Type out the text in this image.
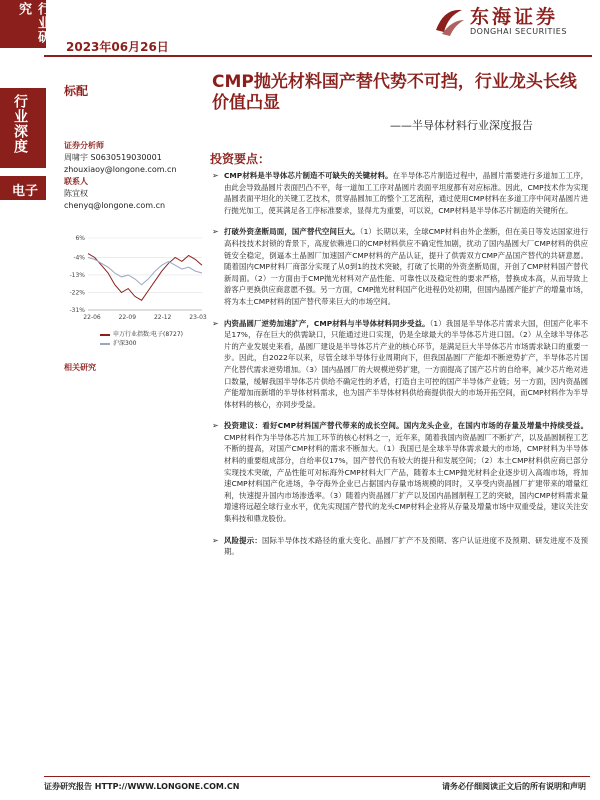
行业研究
2023年06月26日
东海证券
DONGHAI SECURITIES
行业深度
电子
标配	CMP抛光材料国产替代势不可挡，行业龙头长线价值凸显
——半导体材料行业深度报告
证券分析师
周啸宇 S0630519030001
zhouxiaoy@longone.com.cn
联系人
陈宜权
chenyq@longone.com.cn
6%
-4%
-13%
-22%
-31%
22-06	22-09	22-12	23-03
申万行业指数:电子(8727)
沪深300
相关研究
投资要点：
➢ CMP材料是半导体芯片制造不可缺失的关键材料。在半导体芯片制造过程中，晶圆片需要进行多道加工工序，由此会导致晶圆片表面凹凸不平，每一道加工工序对晶圆片表面平坦度都有对应标准。因此，CMP技术作为实现晶圆表面平坦化的关键工艺技术，贯穿晶圆加工的整个工艺流程，通过使用CMP材料在多道工序中间对晶圆片进行抛光加工，使其满足各工序标准要求，显得尤为重要，可以说，CMP材料是半导体芯片制造的关键所在。
➢ 打破外资垄断局面，国产替代空间巨大。（1）长期以来，全球CMP材料由外企垄断，但在美日等发达国家进行高科技技术封锁的背景下，高度依赖进口的CMP材料供应不确定性加剧，扰动了国内晶圆大厂CMP材料的供应链安全稳定，倒逼本土晶圆厂加速国产CMP材料的产品认证，提升了供需双方CMP产品国产替代的共研意愿。随着国内CMP材料厂商部分实现了从0到1的技术突破，打破了长期的外资垄断局面，开创了CMP材料国产替代新局面。（2）一方面由于CMP抛光材料对产品性能、可靠性以及稳定性的要求严格，替换成本高，从而导致上游客户更换供应商意愿不强。另一方面，CMP抛光材料国产化进程仍处初期，但国内晶圆产能扩产的增量市场，将为本土CMP材料的国产替代带来巨大的市场空间。
➢ 内资晶圆厂逆势加速扩产，CMP材料与半导体材料同步受益。（1）我国是半导体芯片需求大国，但国产化率不足17%，存在巨大的供需缺口，只能通过进口实现，仍是全球最大的半导体芯片进口国。（2）从全球半导体芯片的产业发展史来看，晶圆厂建设是半导体芯片产业的核心环节，是满足巨大半导体芯片市场需求缺口的重要一步。因此，自2022年以来，尽管全球半导体行业周期向下，但我国晶圆厂产能却不断逆势扩产，半导体芯片国产化替代需求逆势增加。（3）国内晶圆厂的大规模逆势扩建，一方面提高了国产芯片的自给率，减少芯片绝对进口数量，缓解我国半导体芯片供给不确定性的矛盾，打造自主可控的国产半导体产业链；另一方面，因内资晶圆产能增加而新增的半导体材料需求，也为国产半导体材料供给商提供很大的市场开拓空间，而CMP材料作为半导体材料的核心，亦同步受益。
➢ 投资建议：看好CMP材料国产替代带来的成长空间。国内龙头企业，在国内市场的存量及增量中持续受益。CMP材料作为半导体芯片加工环节的核心材料之一，近年来，随着我国内资晶圆厂不断扩产，以及晶圆制程工艺不断的提高，对国产CMP材料的需求不断加大。（1）我国已是全球半导体需求最大的市场，CMP材料为半导体材料的重要组成部分，自给率仅17%，国产替代仍有较大的提升和发展空间；（2）本土CMP材料供应商已部分实现技术突破，产品性能可对标海外CMP材料大厂产品，随着本土CMP抛光材料企业逐步切入高端市场，将加速CMP材料国产化进场，争夺海外企业已占据国内存量市场规模的同时，又享受内资晶圆厂扩建带来的增量红利，快速提升国内市场渗透率。（3）随着内资晶圆厂扩产以及国内晶圆制程工艺的突破，国内CMP材料需求量增速将远超全球行业水平，优先实现国产替代的龙头CMP材料企业将从存量及增量市场中双重受益，建议关注安集科技和鼎龙股份。
➢ 风险提示：国际半导体技术路径的重大变化、晶圆厂扩产不及预期、客户认证进度不及预期、研发进度不及预期。
证券研究报告 HTTP://WWW.LONGONE.COM.CN	请务必仔细阅读正文后的所有说明和声明
